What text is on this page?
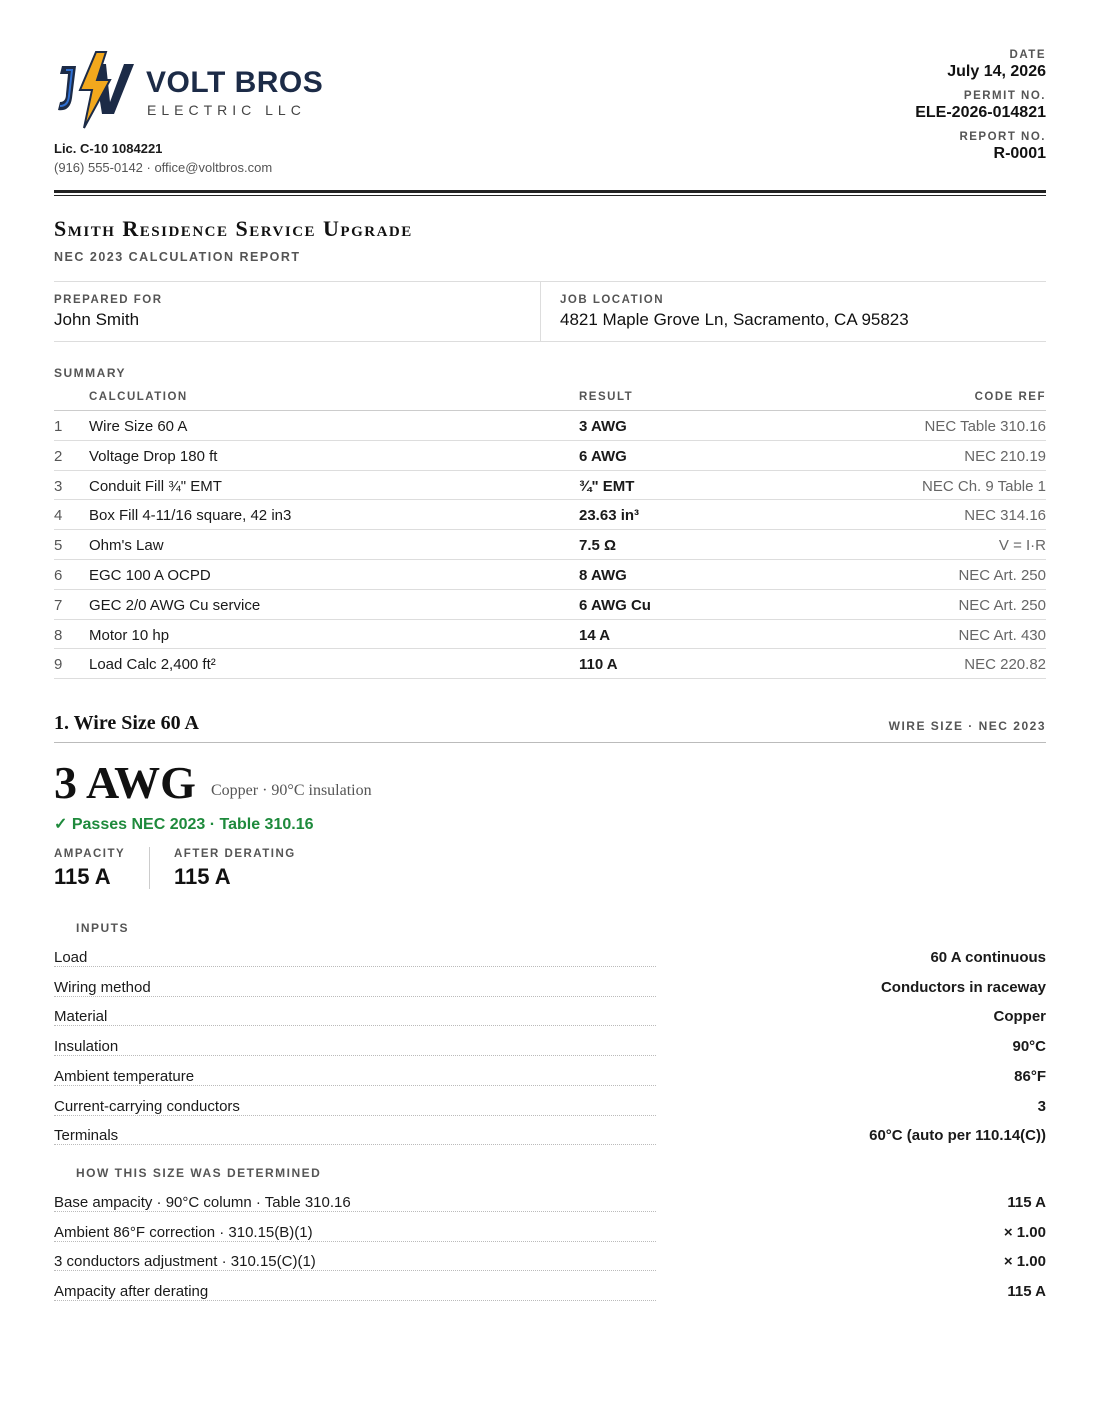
VOLT BROS
ELECTRIC LLC
Lic. C-10 1084221
(916) 555-0142 · office@voltbros.com
DATE
July 14, 2026
PERMIT NO.
ELE-2026-014821
REPORT NO.
R-0001
Smith Residence Service Upgrade
NEC 2023 CALCULATION REPORT
PREPARED FOR
John Smith
JOB LOCATION
4821 Maple Grove Ln, Sacramento, CA 95823
SUMMARY
CALCULATION	RESULT	CODE REF
1 Wire Size 60 A	3 AWG	NEC Table 310.16
2 Voltage Drop 180 ft	6 AWG	NEC 210.19
3 Conduit Fill ¾" EMT	¾" EMT	NEC Ch. 9 Table 1
4 Box Fill 4-11/16 square, 42 in3	23.63 in³	NEC 314.16
5 Ohm's Law	7.5 Ω	V = I·R
6 EGC 100 A OCPD	8 AWG	NEC Art. 250
7 GEC 2/0 AWG Cu service	6 AWG Cu	NEC Art. 250
8 Motor 10 hp	14 A	NEC Art. 430
9 Load Calc 2,400 ft²	110 A	NEC 220.82
1. Wire Size 60 A	WIRE SIZE · NEC 2023
3 AWG Copper · 90°C insulation
✓ Passes NEC 2023 · Table 310.16
AMPACITY
115 A
AFTER DERATING
115 A
INPUTS
Load	60 A continuous
Wiring method	Conductors in raceway
Material	Copper
Insulation	90°C
Ambient temperature	86°F
Current-carrying conductors	3
Terminals	60°C (auto per 110.14(C))
HOW THIS SIZE WAS DETERMINED
Base ampacity · 90°C column · Table 310.16	115 A
Ambient 86°F correction · 310.15(B)(1)	× 1.00
3 conductors adjustment · 310.15(C)(1)	× 1.00
Ampacity after derating	115 A
